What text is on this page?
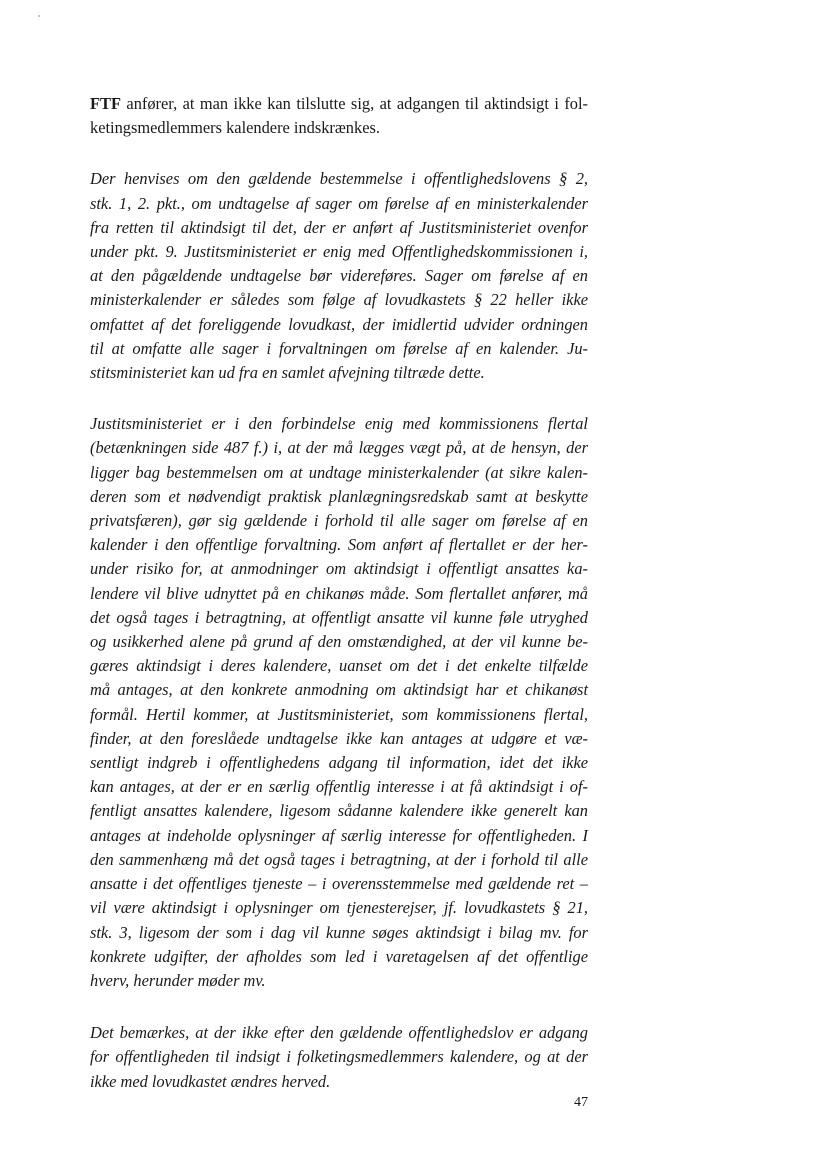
FTF anfører, at man ikke kan tilslutte sig, at adgangen til aktindsigt i fol-
ketingsmedlemmers kalendere indskrænkes.

Der henvises om den gældende bestemmelse i offentlighedslovens § 2,
stk. 1, 2. pkt., om undtagelse af sager om førelse af en ministerkalender
fra retten til aktindsigt til det, der er anført af Justitsministeriet ovenfor
under pkt. 9. Justitsministeriet er enig med Offentlighedskommissionen i,
at den pågældende undtagelse bør videreføres. Sager om førelse af en
ministerkalender er således som følge af lovudkastets § 22 heller ikke
omfattet af det foreliggende lovudkast, der imidlertid udvider ordningen
til at omfatte alle sager i forvaltningen om førelse af en kalender. Ju-
stitsministeriet kan ud fra en samlet afvejning tiltræde dette.

Justitsministeriet er i den forbindelse enig med kommissionens flertal
(betænkningen side 487 f.) i, at der må lægges vægt på, at de hensyn, der
ligger bag bestemmelsen om at undtage ministerkalender (at sikre kalen-
deren som et nødvendigt praktisk planlægningsredskab samt at beskytte
privatsfæren), gør sig gældende i forhold til alle sager om førelse af en
kalender i den offentlige forvaltning. Som anført af flertallet er der her-
under risiko for, at anmodninger om aktindsigt i offentligt ansattes ka-
lendere vil blive udnyttet på en chikanøs måde. Som flertallet anfører, må
det også tages i betragtning, at offentligt ansatte vil kunne føle utryghed
og usikkerhed alene på grund af den omstændighed, at der vil kunne be-
gæres aktindsigt i deres kalendere, uanset om det i det enkelte tilfælde
må antages, at den konkrete anmodning om aktindsigt har et chikanøst
formål. Hertil kommer, at Justitsministeriet, som kommissionens flertal,
finder, at den foreslåede undtagelse ikke kan antages at udgøre et væ-
sentligt indgreb i offentlighedens adgang til information, idet det ikke
kan antages, at der er en særlig offentlig interesse i at få aktindsigt i of-
fentligt ansattes kalendere, ligesom sådanne kalendere ikke generelt kan
antages at indeholde oplysninger af særlig interesse for offentligheden. I
den sammenhæng må det også tages i betragtning, at der i forhold til alle
ansatte i det offentliges tjeneste – i overensstemmelse med gældende ret –
vil være aktindsigt i oplysninger om tjenesterejser, jf. lovudkastets § 21,
stk. 3, ligesom der som i dag vil kunne søges aktindsigt i bilag mv. for
konkrete udgifter, der afholdes som led i varetagelsen af det offentlige
hverv, herunder møder mv.

Det bemærkes, at der ikke efter den gældende offentlighedslov er adgang
for offentligheden til indsigt i folketingsmedlemmers kalendere, og at der
ikke med lovudkastet ændres herved.

47
